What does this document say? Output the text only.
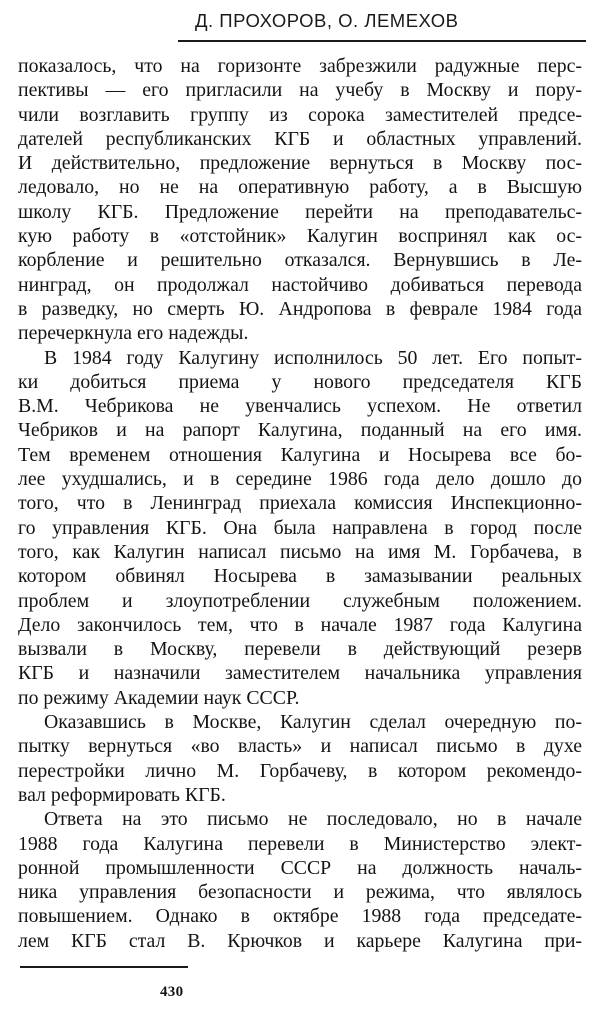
Д. ПРОХОРОВ, О. ЛЕМЕХОВ
показалось, что на горизонте забрезжили радужные перс-
пективы — его пригласили на учебу в Москву и пору-
чили возглавить группу из сорока заместителей предсе-
дателей республиканских КГБ и областных управлений.
И действительно, предложение вернуться в Москву пос-
ледовало, но не на оперативную работу, а в Высшую
школу КГБ. Предложение перейти на преподавательс-
кую работу в «отстойник» Калугин воспринял как ос-
корбление и решительно отказался. Вернувшись в Ле-
нинград, он продолжал настойчиво добиваться перевода
в разведку, но смерть Ю. Андропова в феврале 1984 года
перечеркнула его надежды.
В 1984 году Калугину исполнилось 50 лет. Его попыт-
ки добиться приема у нового председателя КГБ
В.М. Чебрикова не увенчались успехом. Не ответил
Чебриков и на рапорт Калугина, поданный на его имя.
Тем временем отношения Калугина и Носырева все бо-
лее ухудшались, и в середине 1986 года дело дошло до
того, что в Ленинград приехала комиссия Инспекционно-
го управления КГБ. Она была направлена в город после
того, как Калугин написал письмо на имя М. Горбачева, в
котором обвинял Носырева в замазывании реальных
проблем и злоупотреблении служебным положением.
Дело закончилось тем, что в начале 1987 года Калугина
вызвали в Москву, перевели в действующий резерв
КГБ и назначили заместителем начальника управления
по режиму Академии наук СССР.
Оказавшись в Москве, Калугин сделал очередную по-
пытку вернуться «во власть» и написал письмо в духе
перестройки лично М. Горбачеву, в котором рекомендо-
вал реформировать КГБ.
Ответа на это письмо не последовало, но в начале
1988 года Калугина перевели в Министерство элект-
ронной промышленности СССР на должность началь-
ника управления безопасности и режима, что являлось
повышением. Однако в октябре 1988 года председате-
лем КГБ стал В. Крючков и карьере Калугина при-
430
